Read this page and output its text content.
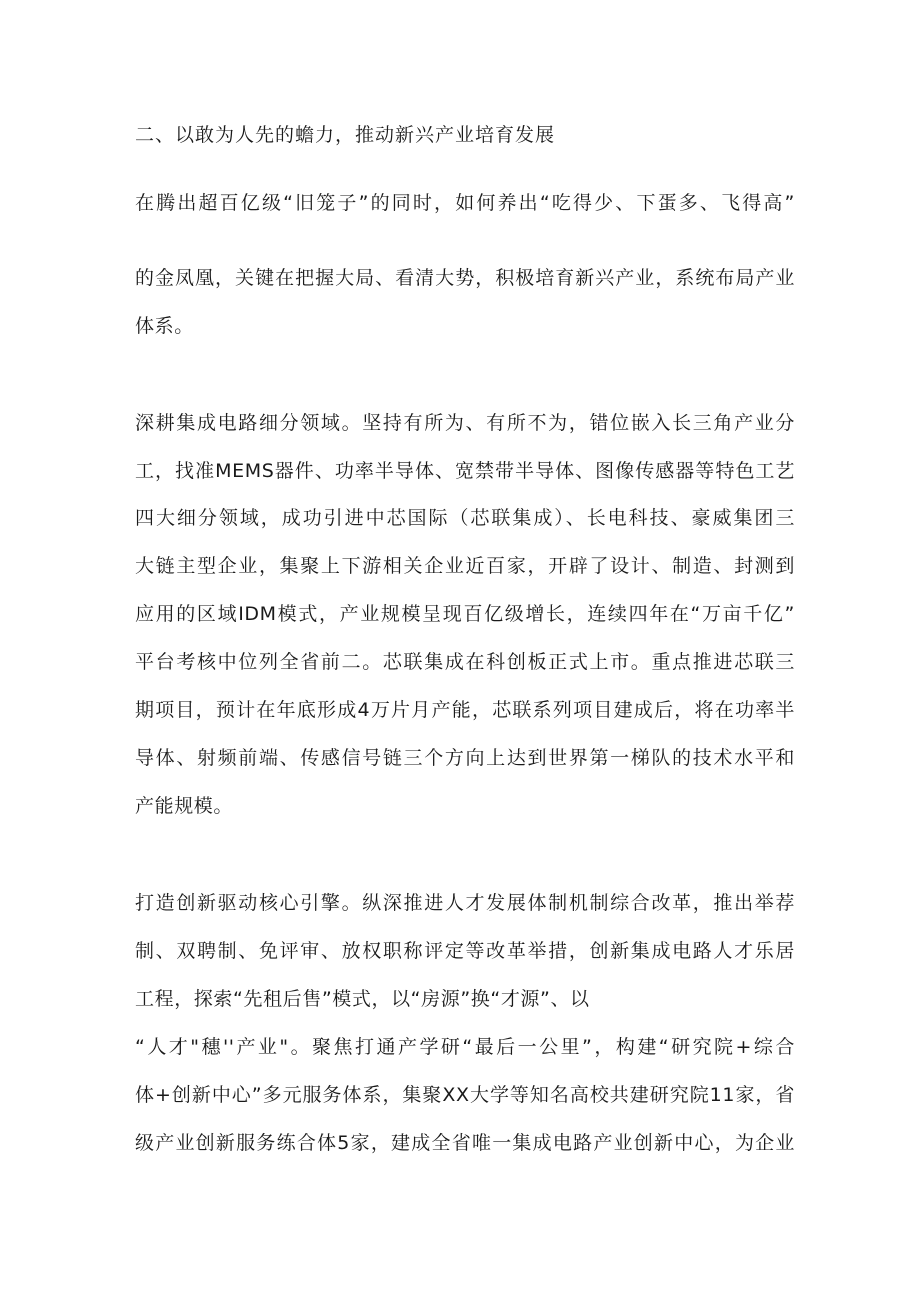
二、以敢为人先的蟾力，推动新兴产业培育发展
在腾出超百亿级“旧笼子”的同时，如何养出“吃得少、下蛋多、飞得高”
的金凤凰，关键在把握大局、看清大势，积极培育新兴产业，系统布局产业
体系。
深耕集成电路细分领域。坚持有所为、有所不为，错位嵌入长三角产业分
工，找准MEMS器件、功率半导体、宽禁带半导体、图像传感器等特色工艺
四大细分领域，成功引进中芯国际（芯联集成）、长电科技、豪威集团三
大链主型企业，集聚上下游相关企业近百家，开辟了设计、制造、封测到
应用的区域IDM模式，产业规模呈现百亿级增长，连续四年在“万亩千亿”
平台考核中位列全省前二。芯联集成在科创板正式上市。重点推进芯联三
期项目，预计在年底形成4万片月产能，芯联系列项目建成后，将在功率半
导体、射频前端、传感信号链三个方向上达到世界第一梯队的技术水平和
产能规模。
打造创新驱动核心引擎。纵深推进人才发展体制机制综合改革，推出举荐
制、双聘制、免评审、放权职称评定等改革举措，创新集成电路人才乐居
工程，探索“先租后售”模式，以“房源”换“才源”、以
“人才"穗''产业"。聚焦打通产学研“最后一公里”，构建“研究院+综合
体+创新中心”多元服务体系，集聚XX大学等知名高校共建研究院11家，省
级产业创新服务练合体5家，建成全省唯一集成电路产业创新中心，为企业
